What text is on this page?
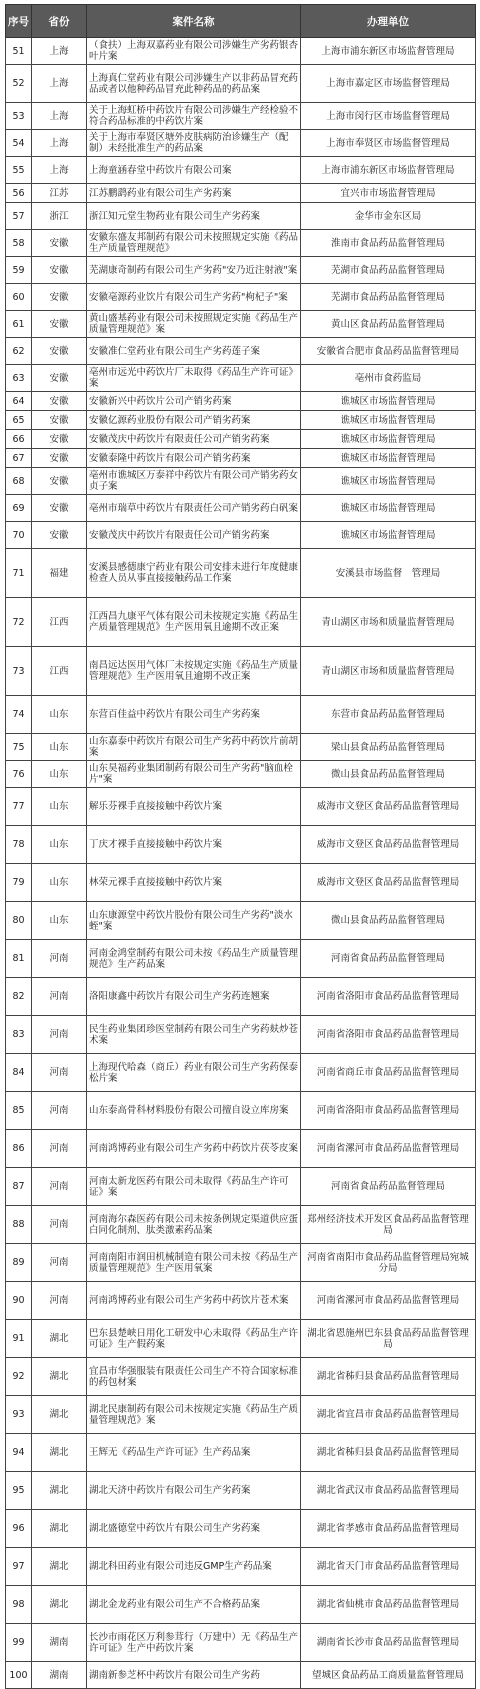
序号	省份	案件名称	办理单位
51	上海	（食扶）上海双嘉药业有限公司涉嫌生产劣药银杏叶片案	上海市浦东新区市场监督管理局
52	上海	上海真仁堂药业有限公司涉嫌生产以非药品冒充药品或者以他种药品冒充此种药品的药品案	上海市嘉定区市场监督管理局
53	上海	关于上海虹桥中药饮片有限公司涉嫌生产经检验不符合药品标准的中药饮片案	上海市闵行区市场监督管理局
54	上海	关于上海市奉贤区塘外皮肤病防治诊嫌生产（配制）未经批准生产的药品案	上海市奉贤区市场监督管理局
55	上海	上海童涵春堂中药饮片有限公司案	上海市浦东新区市场监督管理局
56	江苏	江苏鹏鹞药业有限公司生产劣药案	宜兴市市场监督管理局
57	浙江	浙江知元堂生物药业有限公司生产劣药案	金华市金东区局
58	安徽	安徽东盛友邦制药有限公司未按照规定实施《药品生产质量管理规范》	淮南市食品药品监督管理局
59	安徽	芜湖康奇制药有限公司生产劣药"安乃近注射液"案	芜湖市食品药品监督管理局
60	安徽	安徽亳源药业饮片有限公司生产劣药"枸杞子"案	芜湖市食品药品监督管理局
61	安徽	黄山盛基药业有限公司未按照规定实施《药品生产质量管理规范》案	黄山区食品药品监督管理局
62	安徽	安徽准仁堂药业有限公司生产劣药莲子案	安徽省合肥市食品药品监督管理局
63	安徽	亳州市远光中药饮片厂未取得《药品生产许可证》案	亳州市食药监局
64	安徽	安徽新兴中药饮片公司产销劣药案	谯城区市场监督管理局
65	安徽	安徽亿源药业股份有限公司产销劣药案	谯城区市场监督管理局
66	安徽	安徽茂庆中药饮片有限责任公司产销劣药案	谯城区市场监督管理局
67	安徽	安徽泰隆中药饮片有限公司产销劣药案	谯城区市场监督管理局
68	安徽	亳州市谯城区万泰祥中药饮片有限公司产销劣药女贞子案	谯城区市场监督管理局
69	安徽	亳州市瑞草中药饮片有限责任公司产销劣药白矾案	谯城区市场监督管理局
70	安徽	安徽茂庆中药饮片有限责任公司产销劣药案	谯城区市场监督管理局
71	福建	安溪县感德康宁药业有限公司安排未进行年度健康检查人员从事直接接触药品工作案	安溪县市场监督　管理局
72	江西	江西昌九康平气体有限公司未按规定实施《药品生产质量管理规范》生产医用氧且逾期不改正案	青山湖区市场和质量监督管理局
73	江西	南昌远达医用气体厂未按规定实施《药品生产质量管理规范》生产医用氧且逾期不改正案	青山湖区市场和质量监督管理局
74	山东	东营百佳益中药饮片有限公司生产劣药案	东营市食品药品监督管理局
75	山东	山东嘉泰中药饮片有限公司生产劣药中药饮片前胡案	梁山县食品药品监督管理局
76	山东	山东昊福药业集团制药有限公司生产劣药"脑血栓片"案	微山县食品药品监督管理局
77	山东	解乐芬裸手直接接触中药饮片案	威海市文登区食品药品监督管理局
78	山东	丁庆才裸手直接接触中药饮片案	威海市文登区食品药品监督管理局
79	山东	林荣元裸手直接接触中药饮片案	威海市文登区食品药品监督管理局
80	山东	山东康源堂中药饮片股份有限公司生产劣药"淡水蛭"案	微山县食品药品监督管理局
81	河南	河南金鸿堂制药有限公司未按《药品生产质量管理规范》生产药品案	河南省食品药品监督管理局
82	河南	洛阳康鑫中药饮片有限公司生产劣药连翘案	河南省洛阳市食品药品监督管理局
83	河南	民生药业集团珍医堂制药有限公司生产劣药麸炒苍术案	河南省洛阳市食品药品监督管理局
84	河南	上海现代哈森（商丘）药业有限公司生产劣药保泰松片案	河南省商丘市食品药品监督管理局
85	河南	山东泰高骨科材料股份有限公司擅自设立库房案	河南省洛阳市食品药品监督管理局
86	河南	河南鸿博药业有限公司生产劣药中药饮片茯苓皮案	河南省漯河市食品药品监督管理局
87	河南	河南太新龙医药有限公司未取得《药品生产许可证》案	河南省食品药品监督管理局
88	河南	河南海尔森医药有限公司未按条例规定渠道供应蛋白同化制剂、肽类激素药品案	郑州经济技术开发区食品药品监督管理局
89	河南	河南南阳市润田机械制造有限公司未按《药品生产质量管理规范》生产医用氧案	河南省南阳市食品药品监督管理局宛城分局
90	河南	河南鸿博药业有限公司生产劣药中药饮片苍术案	河南省漯河市食品药品监督管理局
91	湖北	巴东县楚峡日用化工研发中心未取得《药品生产许可证》生产假药案	湖北省恩施州巴东县食品药品监督管理局
92	湖北	宜昌市华强服装有限责任公司生产不符合国家标准的药包材案	湖北省秭归县食品药品监督管理局
93	湖北	湖北民康制药有限公司未按规定实施《药品生产质量管理规范》案	湖北省宜昌市食品药品监督管理局
94	湖北	王辉无《药品生产许可证》生产药品案	湖北省秭归县食品药品监督管理局
95	湖北	湖北天济中药饮片有限公司生产劣药案	湖北省武汉市食品药品监督管理局
96	湖北	湖北盛德堂中药饮片有限公司生产劣药案	湖北省孝感市食品药品监督管理局
97	湖北	湖北科田药业有限公司违反GMP生产药品案	湖北省天门市食品药品监督管理局
98	湖北	湖北金龙药业有限公司生产不合格药品案	湖北省仙桃市食品药品监督管理局
99	湖南	长沙市雨花区万利参茸行（万建中）无《药品生产许可证》生产中药饮片案	湖南省长沙市食品药品监督管理局
100	湖南	湖南新参芝杯中药饮片有限公司生产劣药	望城区食品药品工商质量监督管理局
